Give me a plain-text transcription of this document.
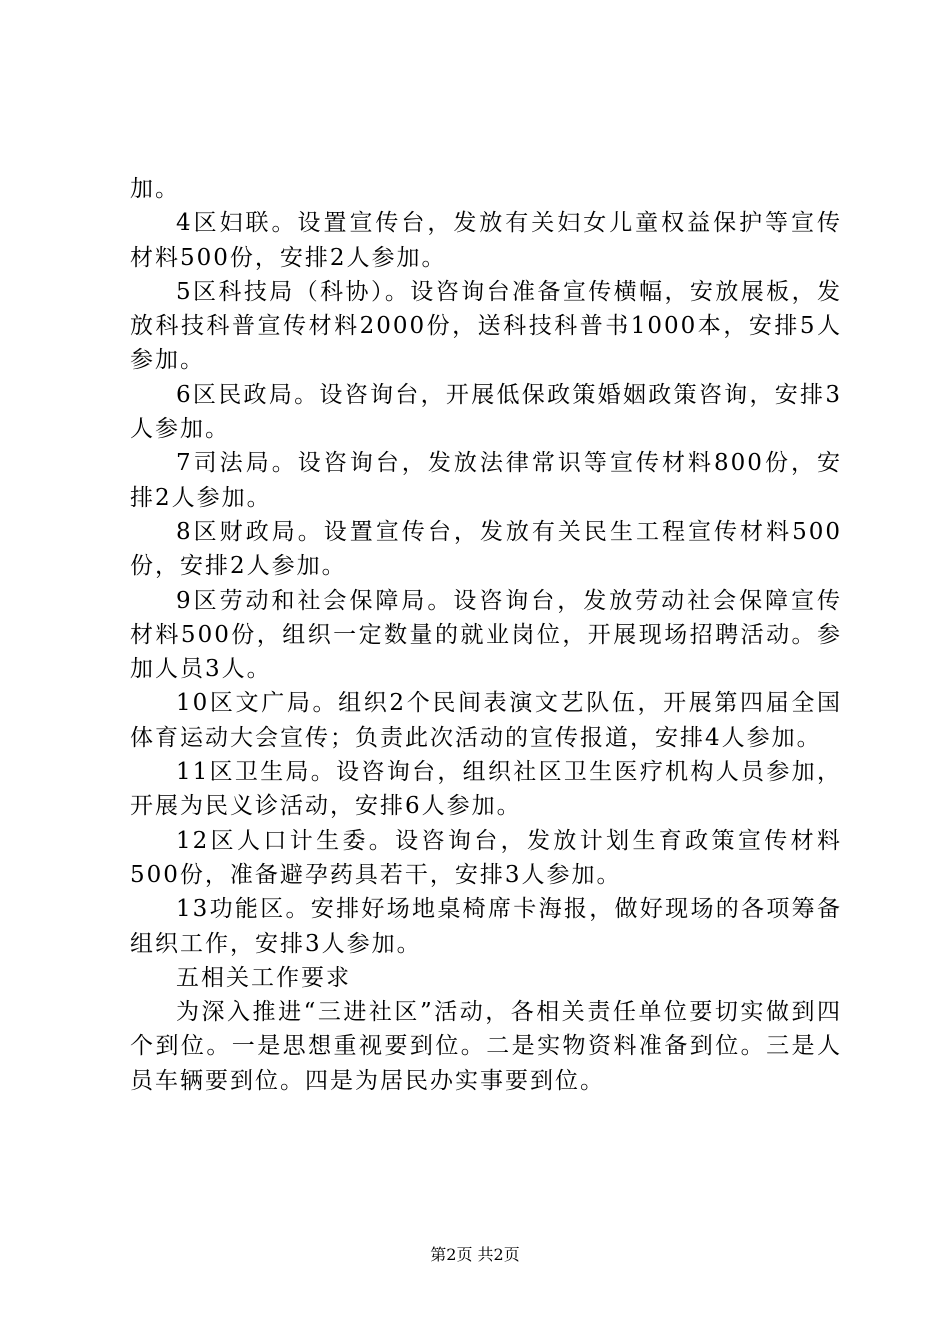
加。

4区妇联。设置宣传台，发放有关妇女儿童权益保护等宣传材料500份，安排2人参加。

5区科技局（科协）。设咨询台准备宣传横幅，安放展板，发放科技科普宣传材料2000份，送科技科普书1000本，安排5人参加。

6区民政局。设咨询台，开展低保政策婚姻政策咨询，安排3人参加。

7司法局。设咨询台，发放法律常识等宣传材料800份，安排2人参加。

8区财政局。设置宣传台，发放有关民生工程宣传材料500份，安排2人参加。

9区劳动和社会保障局。设咨询台，发放劳动社会保障宣传材料500份，组织一定数量的就业岗位，开展现场招聘活动。参加人员3人。

10区文广局。组织2个民间表演文艺队伍，开展第四届全国体育运动大会宣传；负责此次活动的宣传报道，安排4人参加。

11区卫生局。设咨询台，组织社区卫生医疗机构人员参加，开展为民义诊活动，安排6人参加。

12区人口计生委。设咨询台，发放计划生育政策宣传材料500份，准备避孕药具若干，安排3人参加。

13功能区。安排好场地桌椅席卡海报，做好现场的各项筹备组织工作，安排3人参加。

五相关工作要求

为深入推进“三进社区”活动，各相关责任单位要切实做到四个到位。一是思想重视要到位。二是实物资料准备到位。三是人员车辆要到位。四是为居民办实事要到位。

第2页 共2页
